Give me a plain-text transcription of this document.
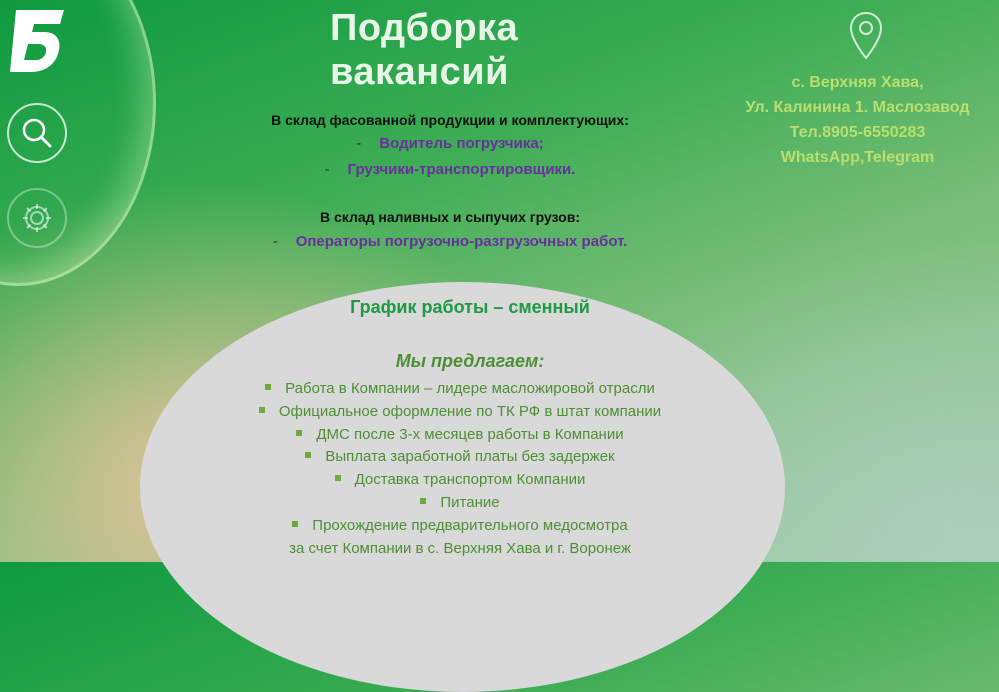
Подборка
вакансий	с. Верхняя Хава,
Ул. Калинина 1. Маслозавод
Тел.8905-6550283
WhatsApp,Telegram
В склад фасованной продукции и комплектующих:
- Водитель погрузчика;
- Грузчики-транспортировщики.
В склад наливных и сыпучих грузов:
- Операторы погрузочно-разгрузочных работ.
График работы – сменный
Мы предлагаем:
Работа в Компании – лидере масложировой отрасли
Официальное оформление по ТК РФ в штат компании
ДМС после 3-х месяцев работы в Компании
Выплата заработной платы без задержек
Доставка транспортом Компании
Питание
Прохождение предварительного медосмотра
за счет Компании в с. Верхняя Хава и г. Воронеж
